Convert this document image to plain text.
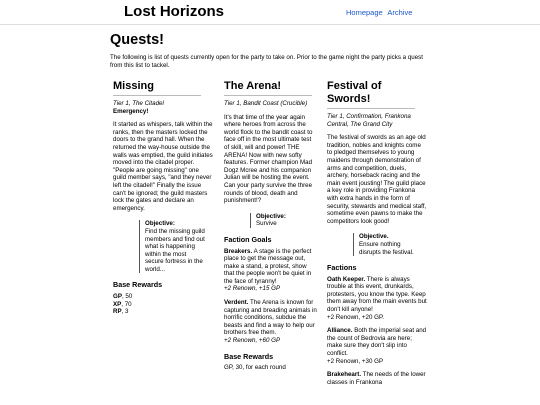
Lost Horizons	Homepage Archive
Quests!

The following is list of quests currently open for the party to take on. Prior to the game night the party picks a quest from this list to tackel.

Missing
Tier 1, The Citadel
Emergency!

It started as whispers, talk within the ranks, then the masters locked the doors to the grand hall. When the returned the way-house outside the walls was emptied, the guild initiates moved into the citadel proper. "People are going missing" one guild member says, "and they never left the citadel!" Finally the issue can't be ignored; the guild masters lock the gates and declare an emergency.

Objective:
Find the missing guild members and find out what is happening within the most secure fortress in the world...
Base Rewards
GP, 50
XP, 70
RP, 3
The Arena!
Tier 1, Bandit Coast (Crucible)

It's that time of the year again where heroes from across the world flock to the bandit coast to face off in the most ultimate test of skill, will and power! THE ARENA! Now with new softy features. Former champion Mad Dogz Mcree and his companion Julian will be hosting the event. Can your party survive the three rounds of blood, death and punishment!?

Objective:
Survive
Faction Goals
Breakers. A stage is the perfect place to get the message out, make a stand, a protest, show that the people won't be quiet in the face of tyranny!
+2 Renown, +15 GP
Verdent. The Arena is known for capturing and breading animals in horrific conditions, subdue the beasts and find a way to help our brothers free them.
+2 Renown, +60 GP
Base Rewards
GP, 30, for each round
Festival of Swords!
Tier 1, Confirmation, Frankona Central, The Grand City

The festival of swords as an age old tradition, nobles and knights come to pledged themselves to young maidens through demonstration of arms and competition, duels, archery, horseback racing and the main event jousting! The guild place a key role in providing Frankona with extra hands in the form of security, stewards and medical staff, sometime even pawns to make the competitors look good!

Objective.
Ensure nothing disrupts the festival.
Factions
Oath Keeper. There is always trouble at this event, drunkards, protesters, you know the type. Keep them away from the main events but don't kill anyone!
+2 Renown, +20 GP.
Alliance. Both the imperial seat and the count of Bedrovia are here; make sure they don't slip into conflict.
+2 Renown, +30 GP
Brakeheart. The needs of the lower classes in Frankona
